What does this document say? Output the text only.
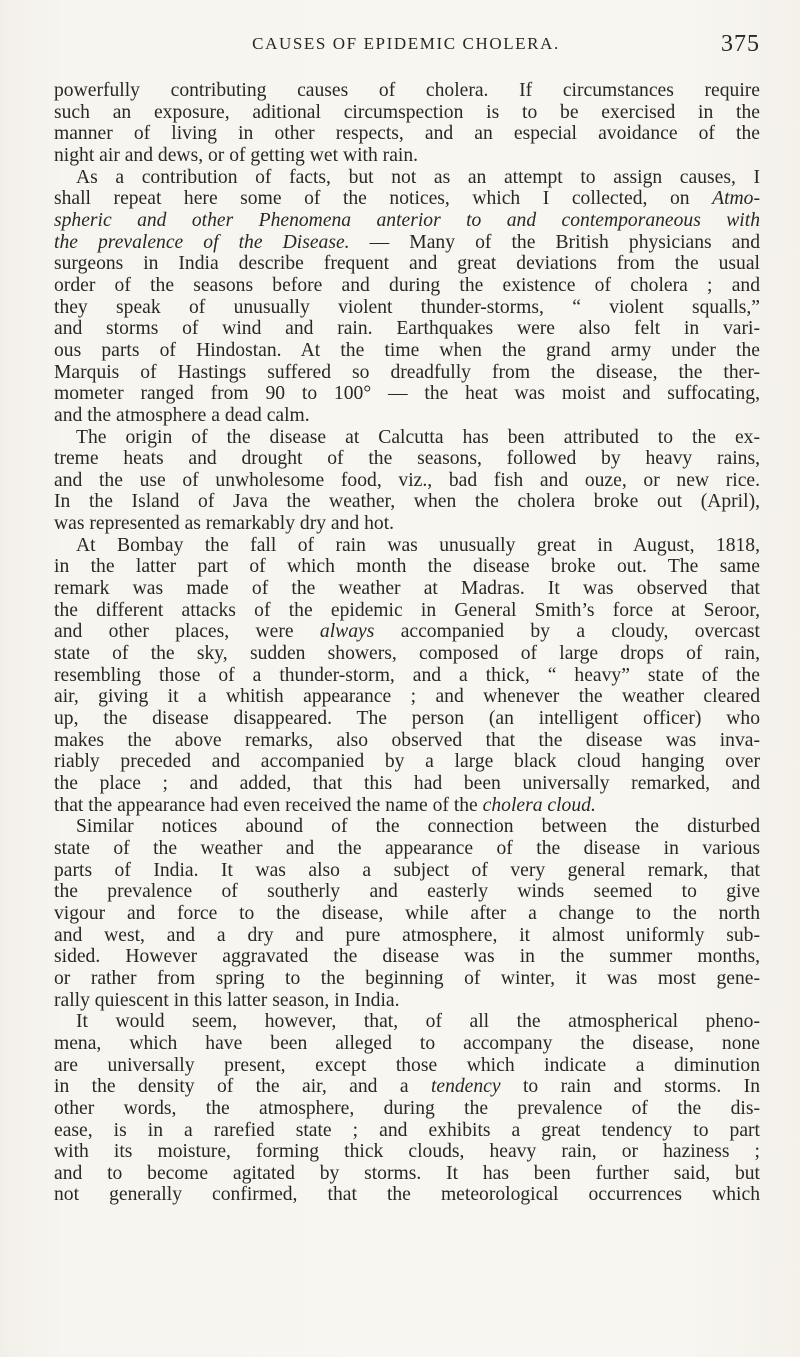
CAUSES OF EPIDEMIC CHOLERA.	375

powerfully contributing causes of cholera. If circumstances require
such an exposure, aditional circumspection is to be exercised in the
manner of living in other respects, and an especial avoidance of the
night air and dews, or of getting wet with rain.

As a contribution of facts, but not as an attempt to assign causes, I
shall repeat here some of the notices, which I collected, on Atmo-
spheric and other Phenomena anterior to and contemporaneous with
the prevalence of the Disease. — Many of the British physicians and
surgeons in India describe frequent and great deviations from the usual
order of the seasons before and during the existence of cholera ; and
they speak of unusually violent thunder-storms, “ violent squalls,”
and storms of wind and rain. Earthquakes were also felt in vari-
ous parts of Hindostan. At the time when the grand army under the
Marquis of Hastings suffered so dreadfully from the disease, the ther-
mometer ranged from 90 to 100° — the heat was moist and suffocating,
and the atmosphere a dead calm.

The origin of the disease at Calcutta has been attributed to the ex-
treme heats and drought of the seasons, followed by heavy rains,
and the use of unwholesome food, viz., bad fish and ouze, or new rice.
In the Island of Java the weather, when the cholera broke out (April),
was represented as remarkably dry and hot.

At Bombay the fall of rain was unusually great in August, 1818,
in the latter part of which month the disease broke out. The same
remark was made of the weather at Madras. It was observed that
the different attacks of the epidemic in General Smith’s force at Seroor,
and other places, were always accompanied by a cloudy, overcast
state of the sky, sudden showers, composed of large drops of rain,
resembling those of a thunder-storm, and a thick, “ heavy” state of the
air, giving it a whitish appearance ; and whenever the weather cleared
up, the disease disappeared. The person (an intelligent officer) who
makes the above remarks, also observed that the disease was inva-
riably preceded and accompanied by a large black cloud hanging over
the place ; and added, that this had been universally remarked, and
that the appearance had even received the name of the cholera cloud.

Similar notices abound of the connection between the disturbed
state of the weather and the appearance of the disease in various
parts of India. It was also a subject of very general remark, that
the prevalence of southerly and easterly winds seemed to give
vigour and force to the disease, while after a change to the north
and west, and a dry and pure atmosphere, it almost uniformly sub-
sided. However aggravated the disease was in the summer months,
or rather from spring to the beginning of winter, it was most gene-
rally quiescent in this latter season, in India.

It would seem, however, that, of all the atmospherical pheno-
mena, which have been alleged to accompany the disease, none
are universally present, except those which indicate a diminution
in the density of the air, and a tendency to rain and storms. In
other words, the atmosphere, during the prevalence of the dis-
ease, is in a rarefied state ; and exhibits a great tendency to part
with its moisture, forming thick clouds, heavy rain, or haziness ;
and to become agitated by storms. It has been further said, but
not generally confirmed, that the meteorological occurrences which
